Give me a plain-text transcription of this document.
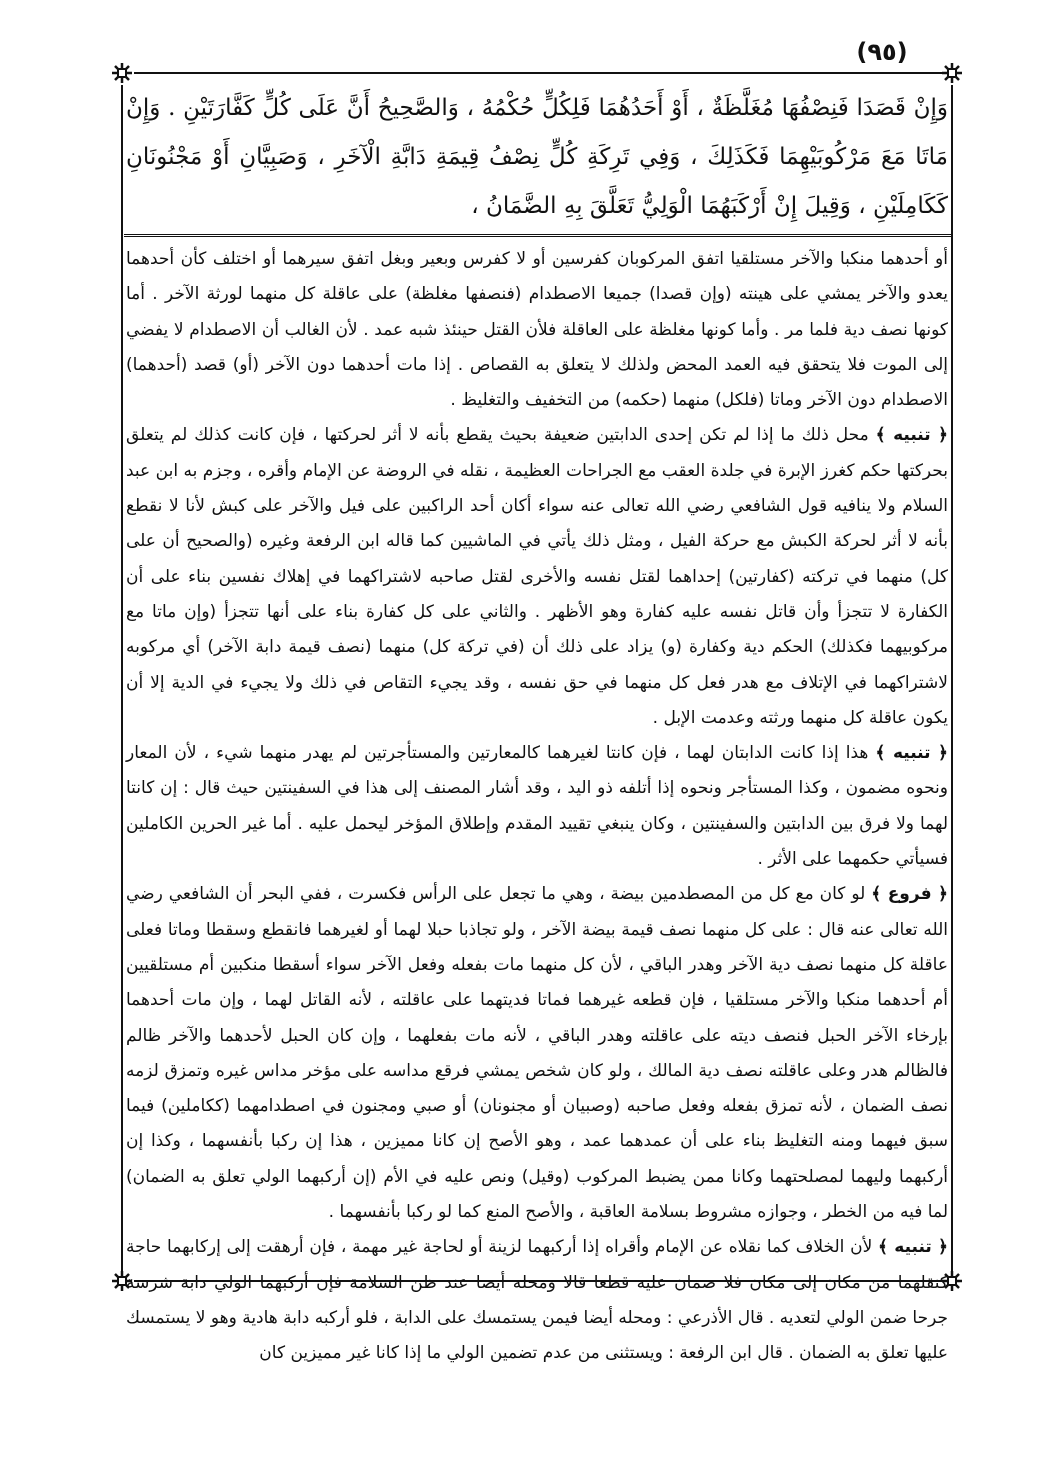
(٩٥)

وَإِنْ قَصَدَا فَنِصْفُهَا مُغَلَّظَةٌ ، أَوْ أَحَدُهُمَا فَلِكُلٍّ حُكْمُهُ ، وَالصَّحِيحُ أَنَّ عَلَى كُلٍّ كَفَّارَتَيْنِ . وَإِنْ مَاتَا مَعَ مَرْكُوبَيْهِمَا فَكَذَلِكَ ، وَفِي تَرِكَةِ كُلٍّ نِصْفُ قِيمَةِ دَابَّةِ الْآخَرِ ، وَصَبِيَّانِ أَوْ مَجْنُونَانِ كَكَامِلَيْنِ ، وَقِيلَ إِنْ أَرْكَبَهُمَا الْوَلِيُّ تَعَلَّقَ بِهِ الضَّمَانُ ،

أو أحدهما منكبا والآخر مستلقيا اتفق المركوبان كفرسين أو لا كفرس وبعير وبغل اتفق سيرهما أو اختلف كأن أحدهما يعدو والآخر يمشي على هينته (وإن قصدا) جميعا الاصطدام (فنصفها مغلظة) على عاقلة كل منهما لورثة الآخر . أما كونها نصف دية فلما مر . وأما كونها مغلظة على العاقلة فلأن القتل حينئذ شبه عمد . لأن الغالب أن الاصطدام لا يفضي إلى الموت فلا يتحقق فيه العمد المحض ولذلك لا يتعلق به القصاص . إذا مات أحدهما دون الآخر (أو) قصد (أحدهما) الاصطدام دون الآخر وماتا (فلكل) منهما (حكمه) من التخفيف والتغليظ .

﴿ تنبيه ﴾ محل ذلك ما إذا لم تكن إحدى الدابتين ضعيفة بحيث يقطع بأنه لا أثر لحركتها ، فإن كانت كذلك لم يتعلق بحركتها حكم كغرز الإبرة في جلدة العقب مع الجراحات العظيمة ، نقله في الروضة عن الإمام وأقره ، وجزم به ابن عبد السلام ولا ينافيه قول الشافعي رضي الله تعالى عنه سواء أكان أحد الراكبين على فيل والآخر على كبش لأنا لا نقطع بأنه لا أثر لحركة الكبش مع حركة الفيل ، ومثل ذلك يأتي في الماشيين كما قاله ابن الرفعة وغيره (والصحيح أن على كل) منهما في تركته (كفارتين) إحداهما لقتل نفسه والأخرى لقتل صاحبه لاشتراكهما في إهلاك نفسين بناء على أن الكفارة لا تتجزأ وأن قاتل نفسه عليه كفارة وهو الأظهر . والثاني على كل كفارة بناء على أنها تتجزأ (وإن ماتا مع مركوبيهما فكذلك) الحكم دية وكفارة (و) يزاد على ذلك أن (في تركة كل) منهما (نصف قيمة دابة الآخر) أي مركوبه لاشتراكهما في الإتلاف مع هدر فعل كل منهما في حق نفسه ، وقد يجيء التقاص في ذلك ولا يجيء في الدية إلا أن يكون عاقلة كل منهما ورثته وعدمت الإبل .

﴿ تنبيه ﴾ هذا إذا كانت الدابتان لهما ، فإن كانتا لغيرهما كالمعارتين والمستأجرتين لم يهدر منهما شيء ، لأن المعار ونحوه مضمون ، وكذا المستأجر ونحوه إذا أتلفه ذو اليد ، وقد أشار المصنف إلى هذا في السفينتين حيث قال : إن كانتا لهما ولا فرق بين الدابتين والسفينتين ، وكان ينبغي تقييد المقدم وإطلاق المؤخر ليحمل عليه . أما غير الحرين الكاملين فسيأتي حكمهما على الأثر .

﴿ فروع ﴾ لو كان مع كل من المصطدمين بيضة ، وهي ما تجعل على الرأس فكسرت ، ففي البحر أن الشافعي رضي الله تعالى عنه قال : على كل منهما نصف قيمة بيضة الآخر ، ولو تجاذبا حبلا لهما أو لغيرهما فانقطع وسقطا وماتا فعلى عاقلة كل منهما نصف دية الآخر وهدر الباقي ، لأن كل منهما مات بفعله وفعل الآخر سواء أسقطا منكبين أم مستلقيين أم أحدهما منكبا والآخر مستلقيا ، فإن قطعه غيرهما فماتا فديتهما على عاقلته ، لأنه القاتل لهما ، وإن مات أحدهما بإرخاء الآخر الحبل فنصف ديته على عاقلته وهدر الباقي ، لأنه مات بفعلهما ، وإن كان الحبل لأحدهما والآخر ظالم فالظالم هدر وعلى عاقلته نصف دية المالك ، ولو كان شخص يمشي فرقع مداسه على مؤخر مداس غيره وتمزق لزمه نصف الضمان ، لأنه تمزق بفعله وفعل صاحبه (وصبيان أو مجنونان) أو صبي ومجنون في اصطدامهما (ككاملين) فيما سبق فيهما ومنه التغليظ بناء على أن عمدهما عمد ، وهو الأصح إن كانا مميزين ، هذا إن ركبا بأنفسهما ، وكذا إن أركبهما وليهما لمصلحتهما وكانا ممن يضبط المركوب (وقيل) ونص عليه في الأم (إن أركبهما الولي تعلق به الضمان) لما فيه من الخطر ، وجوازه مشروط بسلامة العاقبة ، والأصح المنع كما لو ركبا بأنفسهما .

﴿ تنبيه ﴾ لأن الخلاف كما نقلاه عن الإمام وأقراه إذا أركبهما لزينة أو لحاجة غير مهمة ، فإن أرهقت إلى إركابهما حاجة كنقلهما من مكان إلى مكان فلا ضمان عليه قطعا قالا ومحله أيضا عند ظن السلامة فإن أركبهما الولي دابة شرسة جرحا ضمن الولي لتعديه . قال الأذرعي : ومحله أيضا فيمن يستمسك على الدابة ، فلو أركبه دابة هادية وهو لا يستمسك عليها تعلق به الضمان . قال ابن الرفعة : ويستثنى من عدم تضمين الولي ما إذا كانا غير مميزين كان
